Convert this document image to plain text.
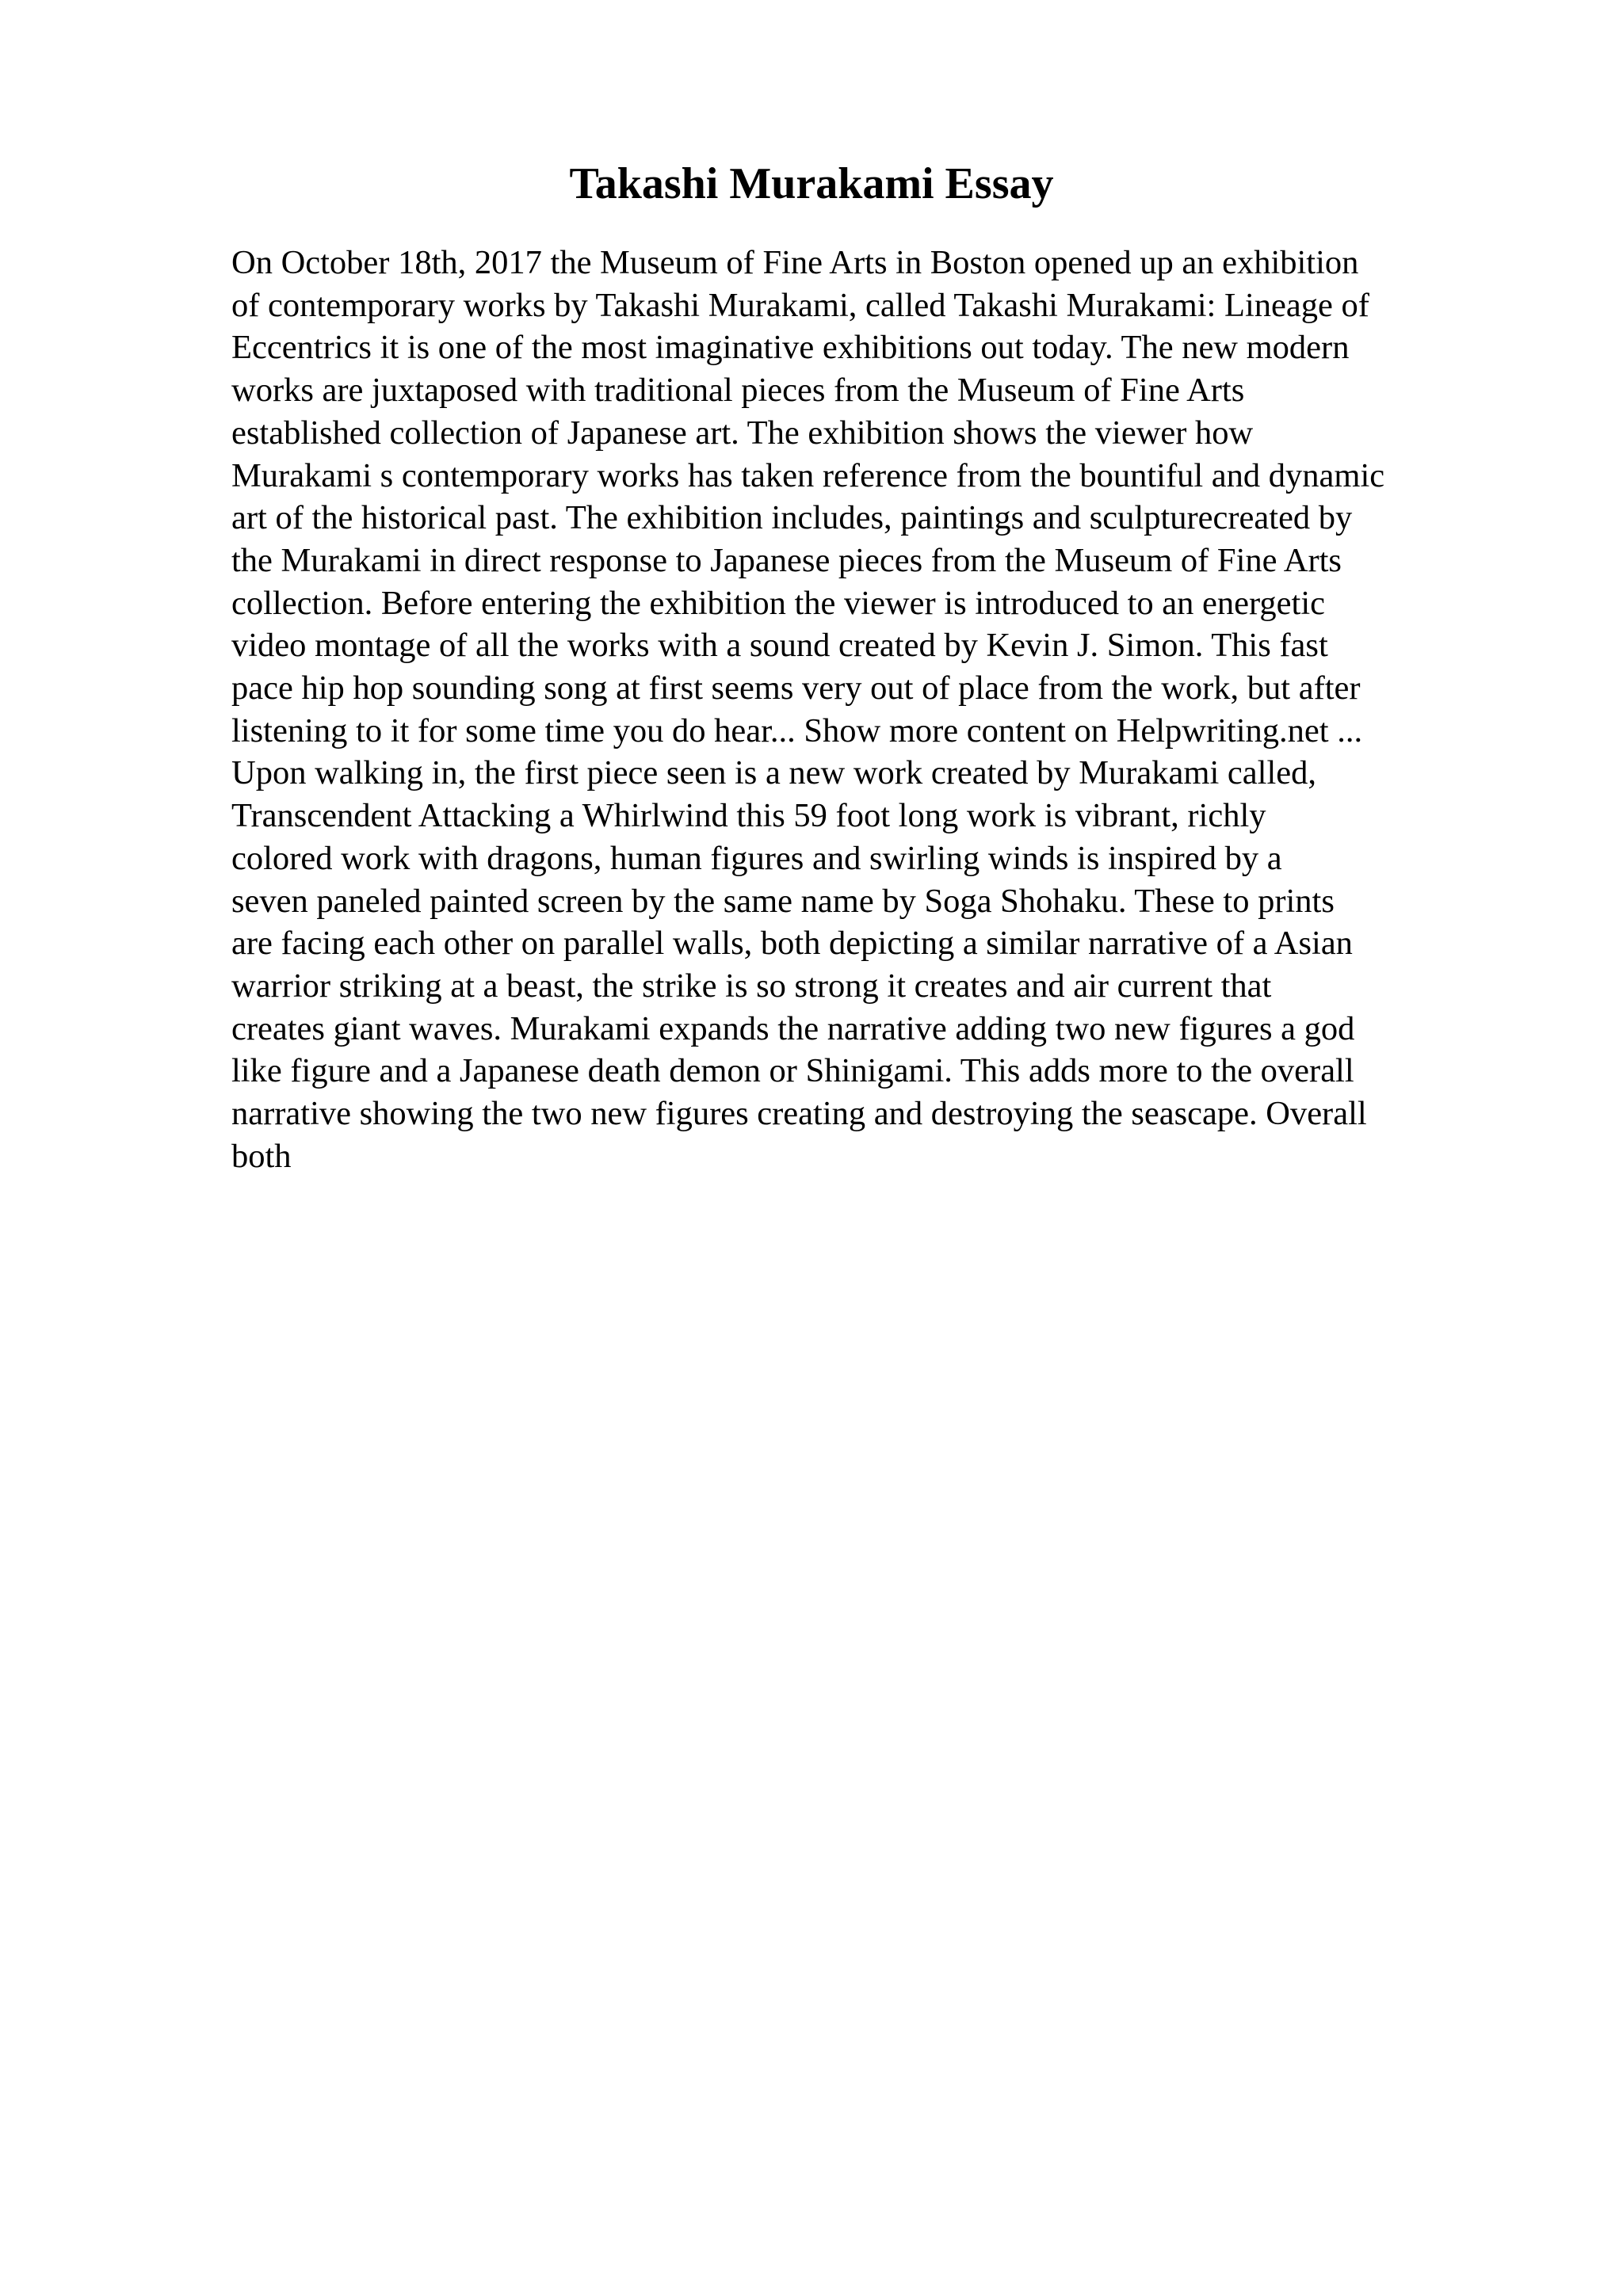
Takashi Murakami Essay
On October 18th, 2017 the Museum of Fine Arts in Boston opened up an exhibition
of contemporary works by Takashi Murakami, called Takashi Murakami: Lineage of
Eccentrics it is one of the most imaginative exhibitions out today. The new modern
works are juxtaposed with traditional pieces from the Museum of Fine Arts
established collection of Japanese art. The exhibition shows the viewer how
Murakami s contemporary works has taken reference from the bountiful and dynamic
art of the historical past. The exhibition includes, paintings and sculpturecreated by
the Murakami in direct response to Japanese pieces from the Museum of Fine Arts
collection. Before entering the exhibition the viewer is introduced to an energetic
video montage of all the works with a sound created by Kevin J. Simon. This fast
pace hip hop sounding song at first seems very out of place from the work, but after
listening to it for some time you do hear... Show more content on Helpwriting.net ...
Upon walking in, the first piece seen is a new work created by Murakami called,
Transcendent Attacking a Whirlwind this 59 foot long work is vibrant, richly
colored work with dragons, human figures and swirling winds is inspired by a
seven paneled painted screen by the same name by Soga Shohaku. These to prints
are facing each other on parallel walls, both depicting a similar narrative of a Asian
warrior striking at a beast, the strike is so strong it creates and air current that
creates giant waves. Murakami expands the narrative adding two new figures a god
like figure and a Japanese death demon or Shinigami. This adds more to the overall
narrative showing the two new figures creating and destroying the seascape. Overall
both
